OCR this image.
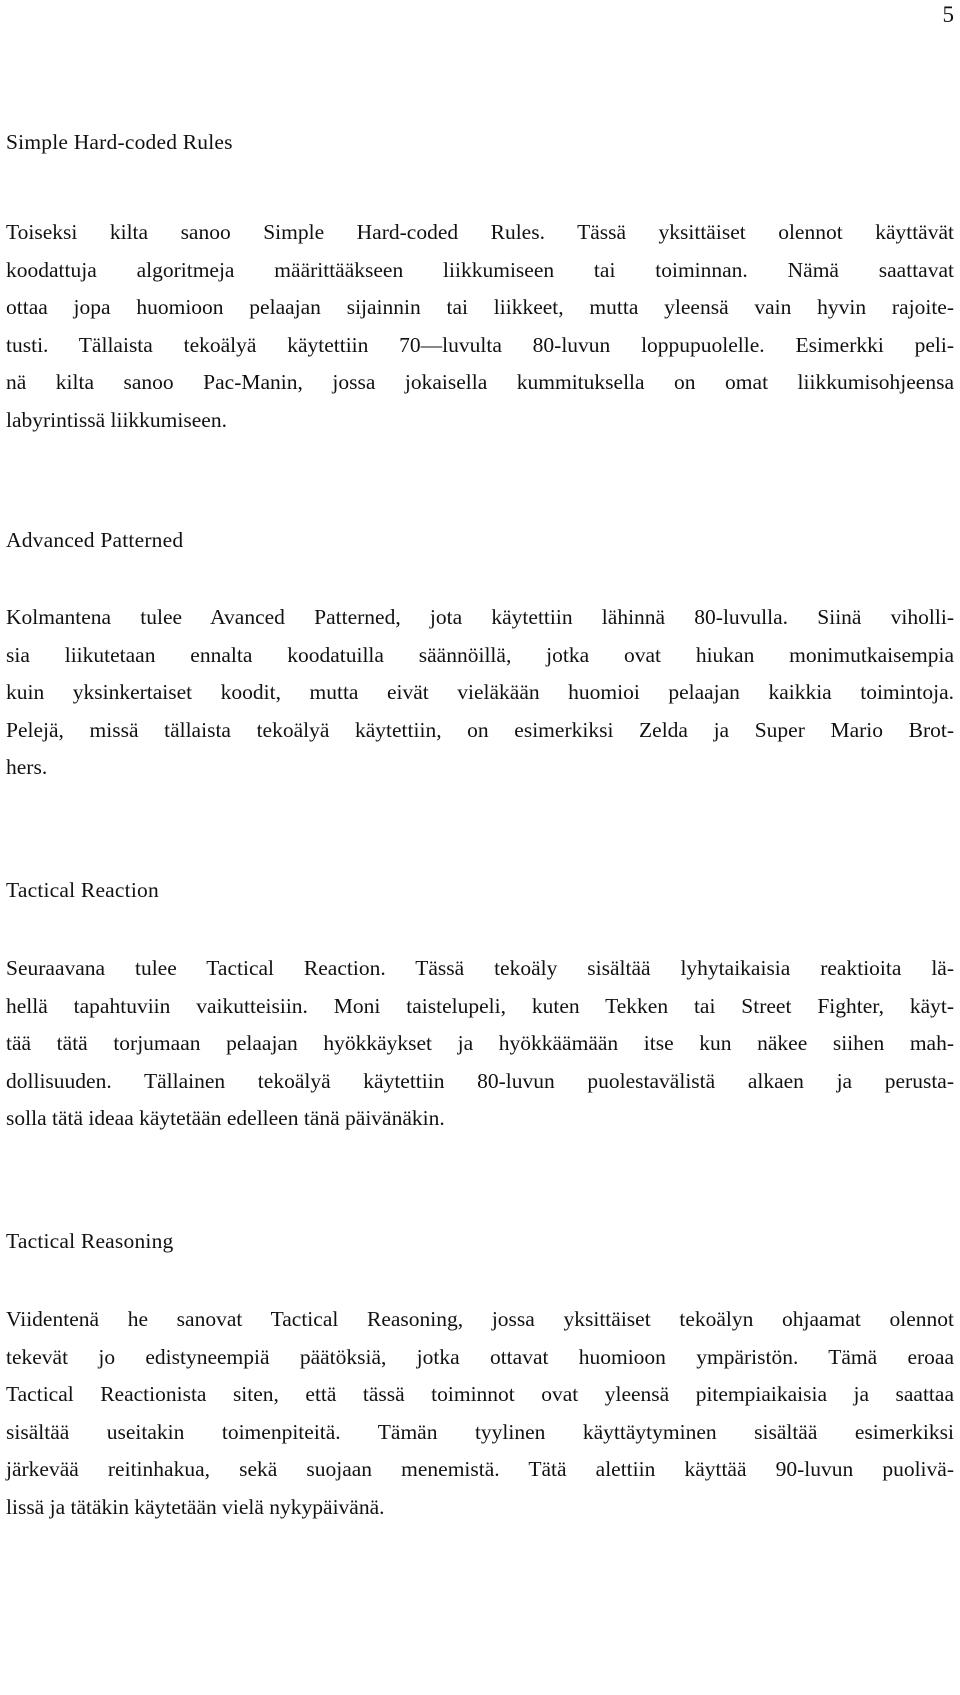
5
Simple Hard-coded Rules
Toiseksi kilta sanoo Simple Hard-coded Rules. Tässä yksittäiset olennot käyttävät
koodattuja algoritmeja määrittääkseen liikkumiseen tai toiminnan. Nämä saattavat
ottaa jopa huomioon pelaajan sijainnin tai liikkeet, mutta yleensä vain hyvin rajoite-
tusti. Tällaista tekoälyä käytettiin 70—luvulta 80-luvun loppupuolelle. Esimerkki peli-
nä kilta sanoo Pac-Manin, jossa jokaisella kummituksella on omat liikkumisohjeensa
labyrintissä liikkumiseen.
Advanced Patterned
Kolmantena tulee Avanced Patterned, jota käytettiin lähinnä 80-luvulla. Siinä viholli-
sia liikutetaan ennalta koodatuilla säännöillä, jotka ovat hiukan monimutkaisempia
kuin yksinkertaiset koodit, mutta eivät vieläkään huomioi pelaajan kaikkia toimintoja.
Pelejä, missä tällaista tekoälyä käytettiin, on esimerkiksi Zelda ja Super Mario Brot-
hers.
Tactical Reaction
Seuraavana tulee Tactical Reaction. Tässä tekoäly sisältää lyhytaikaisia reaktioita lä-
hellä tapahtuviin vaikutteisiin. Moni taistelupeli, kuten Tekken tai Street Fighter, käyt-
tää tätä torjumaan pelaajan hyökkäykset ja hyökkäämään itse kun näkee siihen mah-
dollisuuden. Tällainen tekoälyä käytettiin 80-luvun puolestavälistä alkaen ja perusta-
solla tätä ideaa käytetään edelleen tänä päivänäkin.
Tactical Reasoning
Viidentenä he sanovat Tactical Reasoning, jossa yksittäiset tekoälyn ohjaamat olennot
tekevät jo edistyneempiä päätöksiä, jotka ottavat huomioon ympäristön. Tämä eroaa
Tactical Reactionista siten, että tässä toiminnot ovat yleensä pitempiaikaisia ja saattaa
sisältää useitakin toimenpiteitä. Tämän tyylinen käyttäytyminen sisältää esimerkiksi
järkevää reitinhakua, sekä suojaan menemistä. Tätä alettiin käyttää 90-luvun puolivä-
lissä ja tätäkin käytetään vielä nykypäivänä.
